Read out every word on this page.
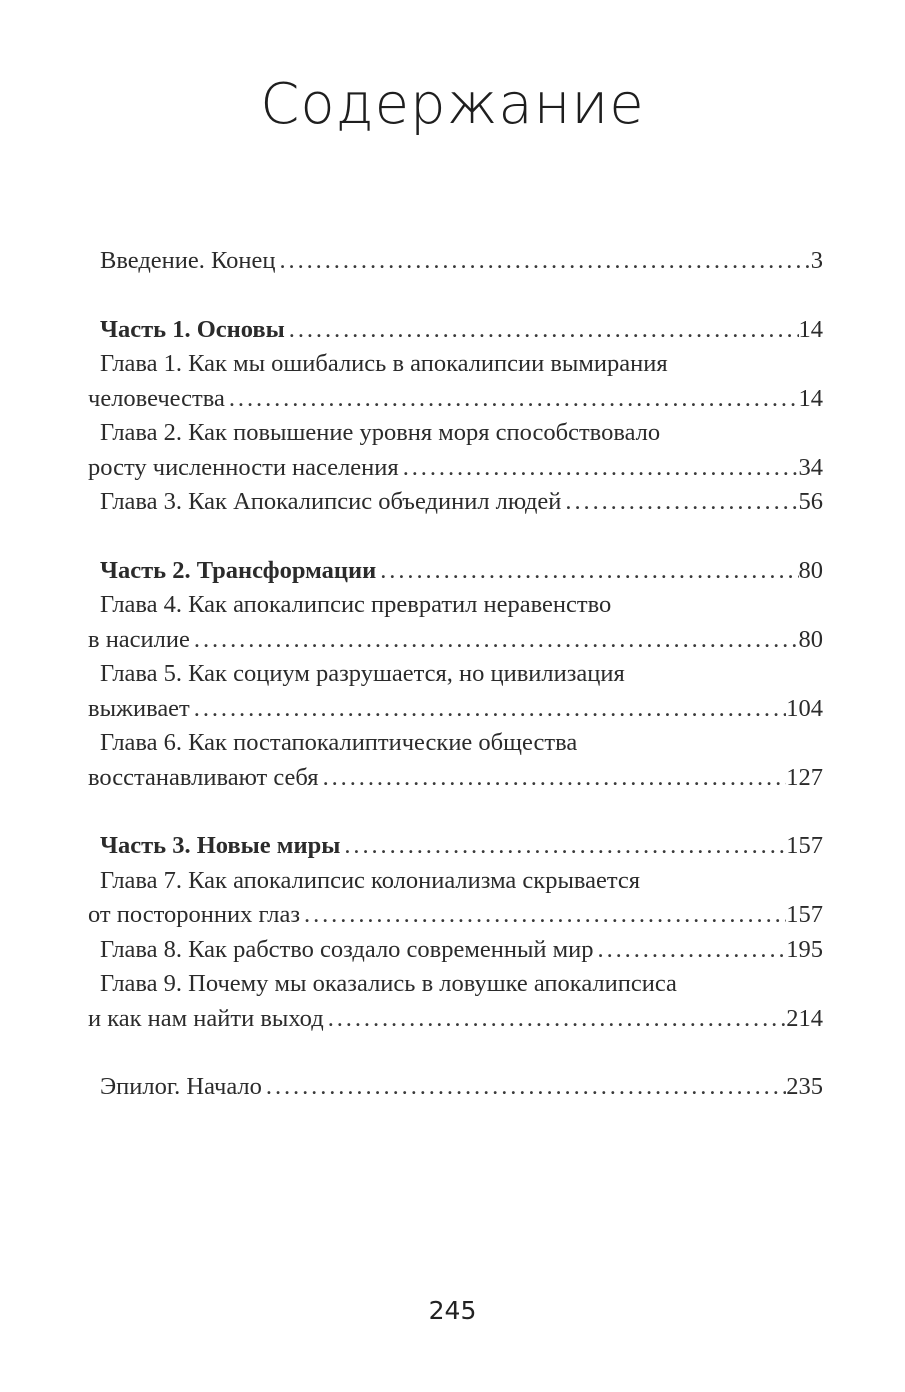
Содержание
Введение. Конец . . .	3
Часть 1. Основы . . .	14
Глава 1. Как мы ошибались в апокалипсии вымирания
человечества . . .	14
Глава 2. Как повышение уровня моря способствовало
росту численности населения . . .	34
Глава 3. Как Апокалипсис объединил людей . . .	56
Часть 2. Трансформации . . .	80
Глава 4. Как апокалипсис превратил неравенство
в насилие . . .	80
Глава 5. Как социум разрушается, но цивилизация
выживает . . .	104
Глава 6. Как постапокалиптические общества
восстанавливают себя . . .	127
Часть 3. Новые миры . . .	157
Глава 7. Как апокалипсис колониализма скрывается
от посторонних глаз . . .	157
Глава 8. Как рабство создало современный мир . . .	195
Глава 9. Почему мы оказались в ловушке апокалипсиса
и как нам найти выход . . .	214
Эпилог. Начало . . .	235
245
